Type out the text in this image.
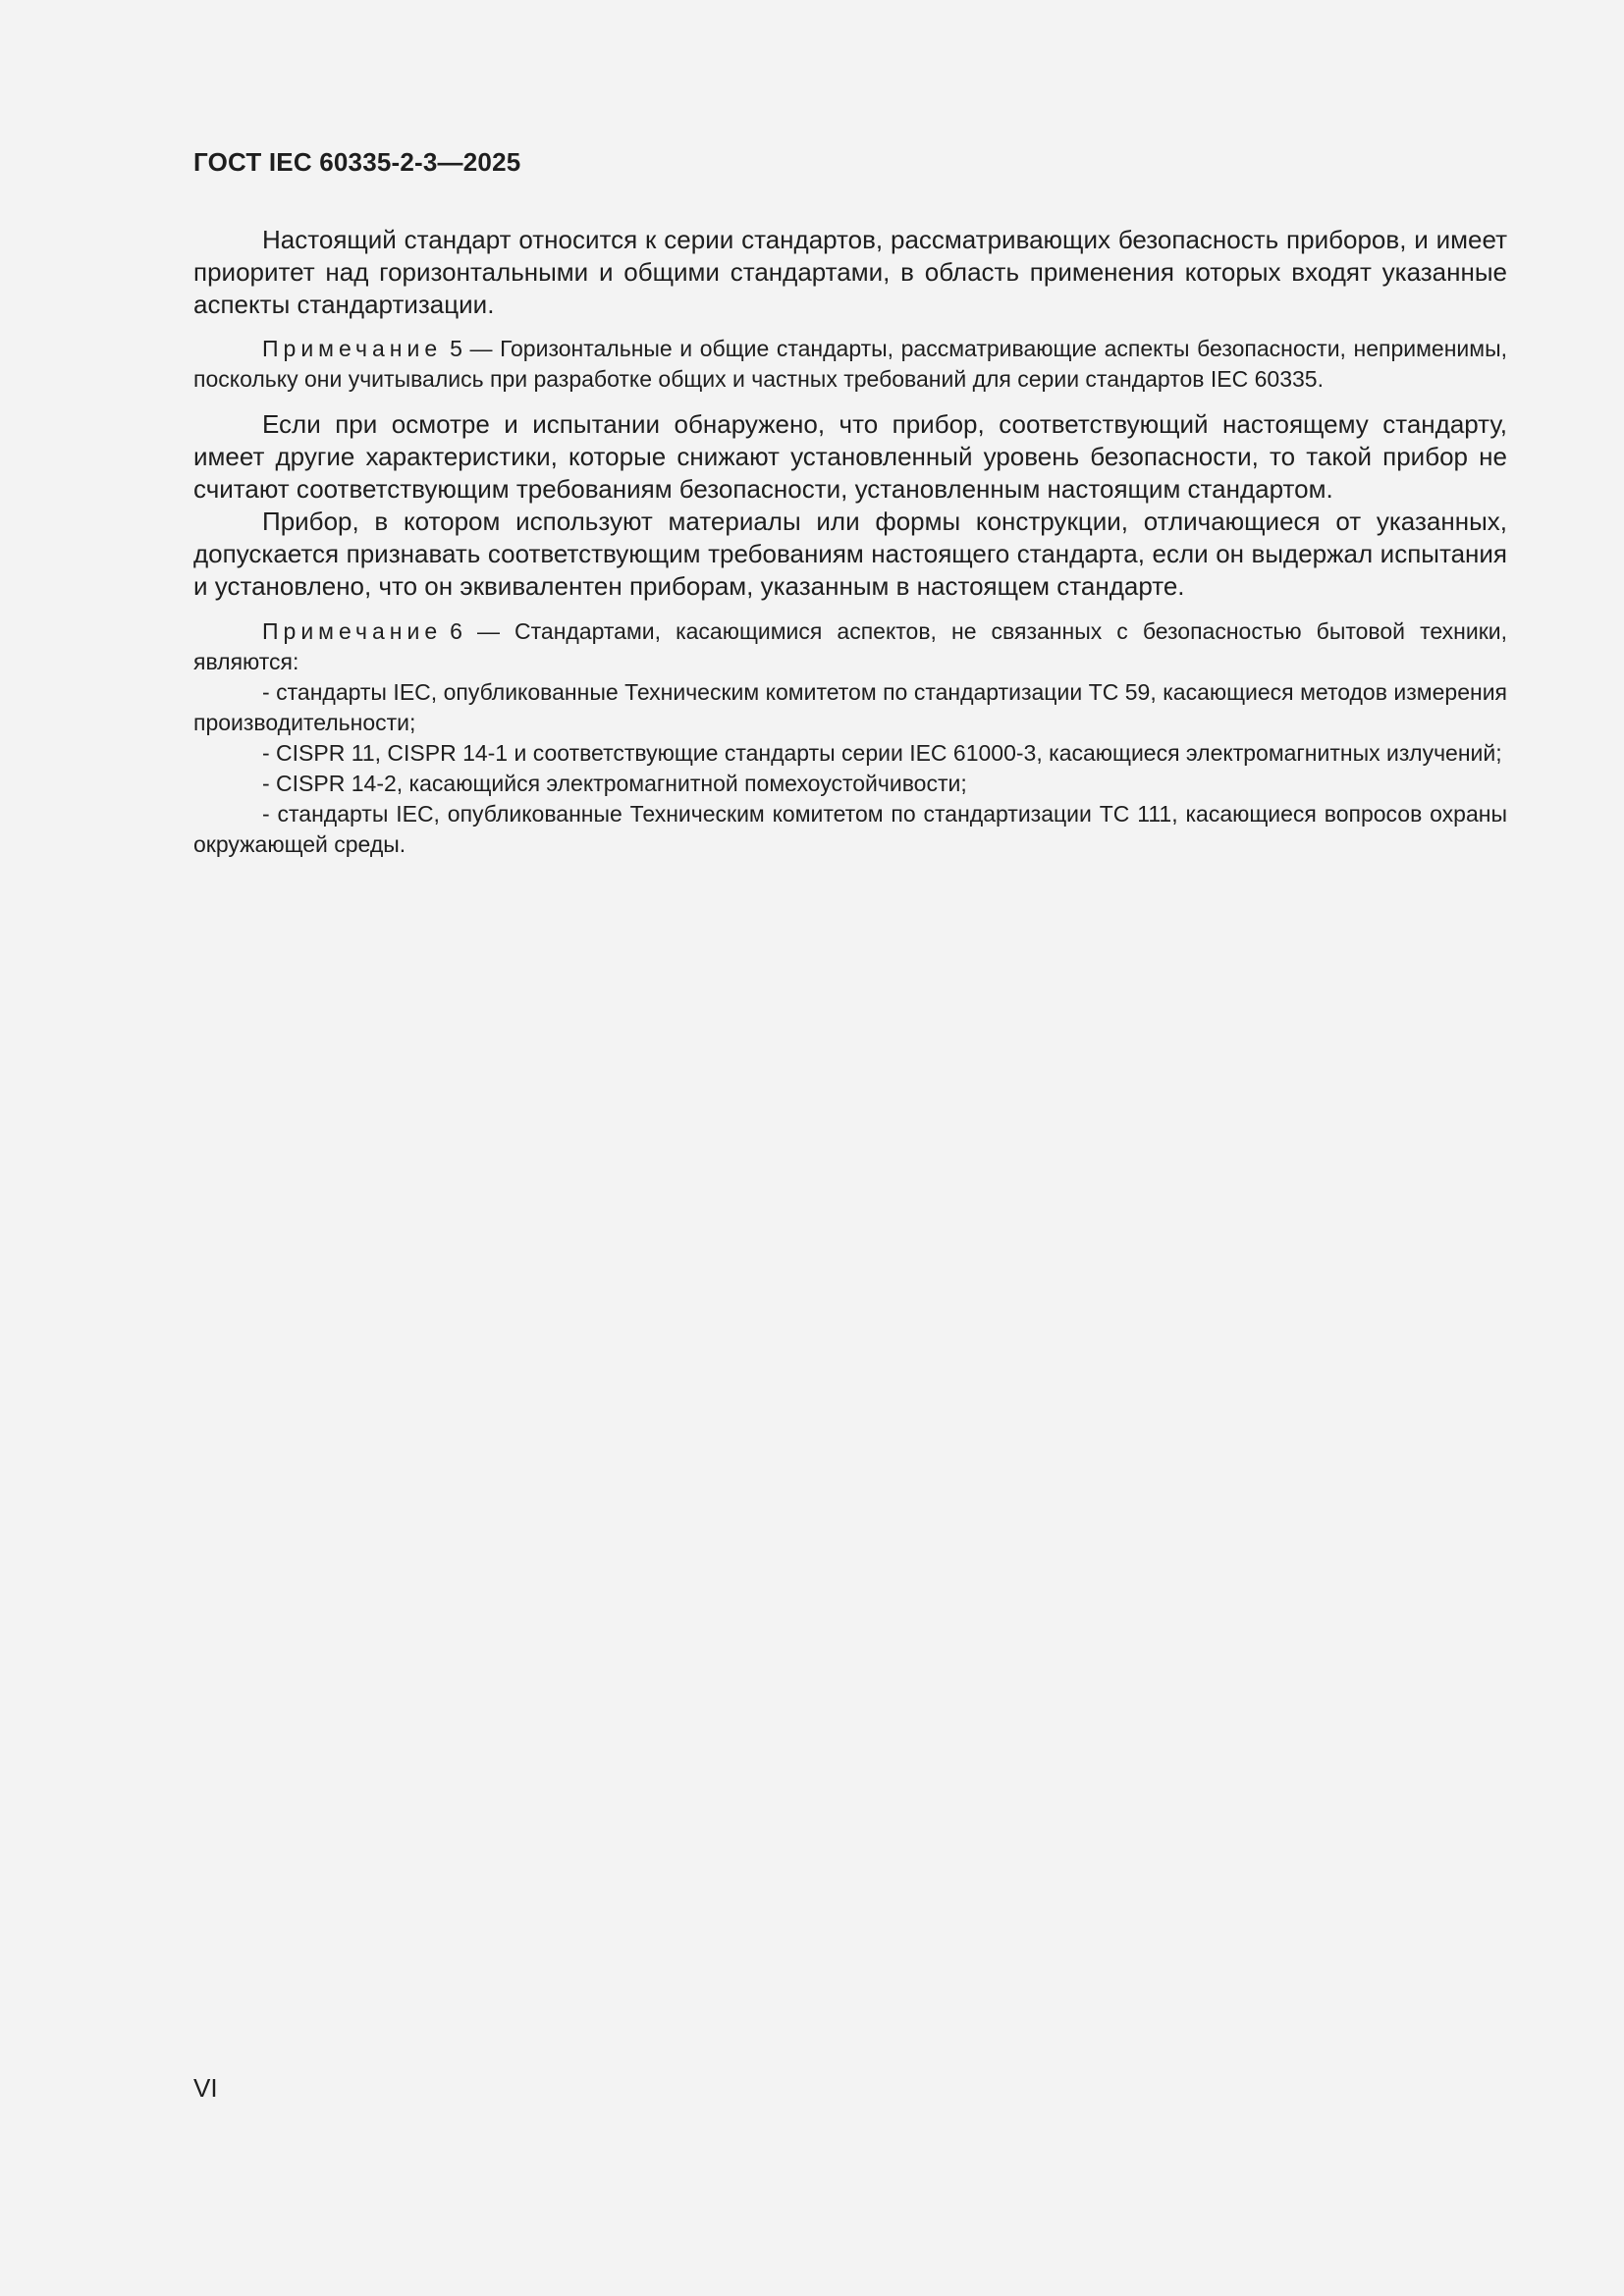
ГОСТ IEC 60335-2-3—2025

Настоящий стандарт относится к серии стандартов, рассматривающих безопасность приборов, и имеет приоритет над горизонтальными и общими стандартами, в область применения которых входят указанные аспекты стандартизации.

Примечание 5 — Горизонтальные и общие стандарты, рассматривающие аспекты безопасности, неприменимы, поскольку они учитывались при разработке общих и частных требований для серии стандартов IEC 60335.

Если при осмотре и испытании обнаружено, что прибор, соответствующий настоящему стандарту, имеет другие характеристики, которые снижают установленный уровень безопасности, то такой прибор не считают соответствующим требованиям безопасности, установленным настоящим стандартом.

Прибор, в котором используют материалы или формы конструкции, отличающиеся от указанных, допускается признавать соответствующим требованиям настоящего стандарта, если он выдержал испытания и установлено, что он эквивалентен приборам, указанным в настоящем стандарте.

Примечание 6 — Стандартами, касающимися аспектов, не связанных с безопасностью бытовой техники, являются:

- стандарты IEC, опубликованные Техническим комитетом по стандартизации ТС 59, касающиеся методов измерения производительности;

- CISPR 11, CISPR 14-1 и соответствующие стандарты серии IEC 61000-3, касающиеся электромагнитных излучений;

- CISPR 14-2, касающийся электромагнитной помехоустойчивости;

- стандарты IEC, опубликованные Техническим комитетом по стандартизации ТС 111, касающиеся вопросов охраны окружающей среды.

VI
